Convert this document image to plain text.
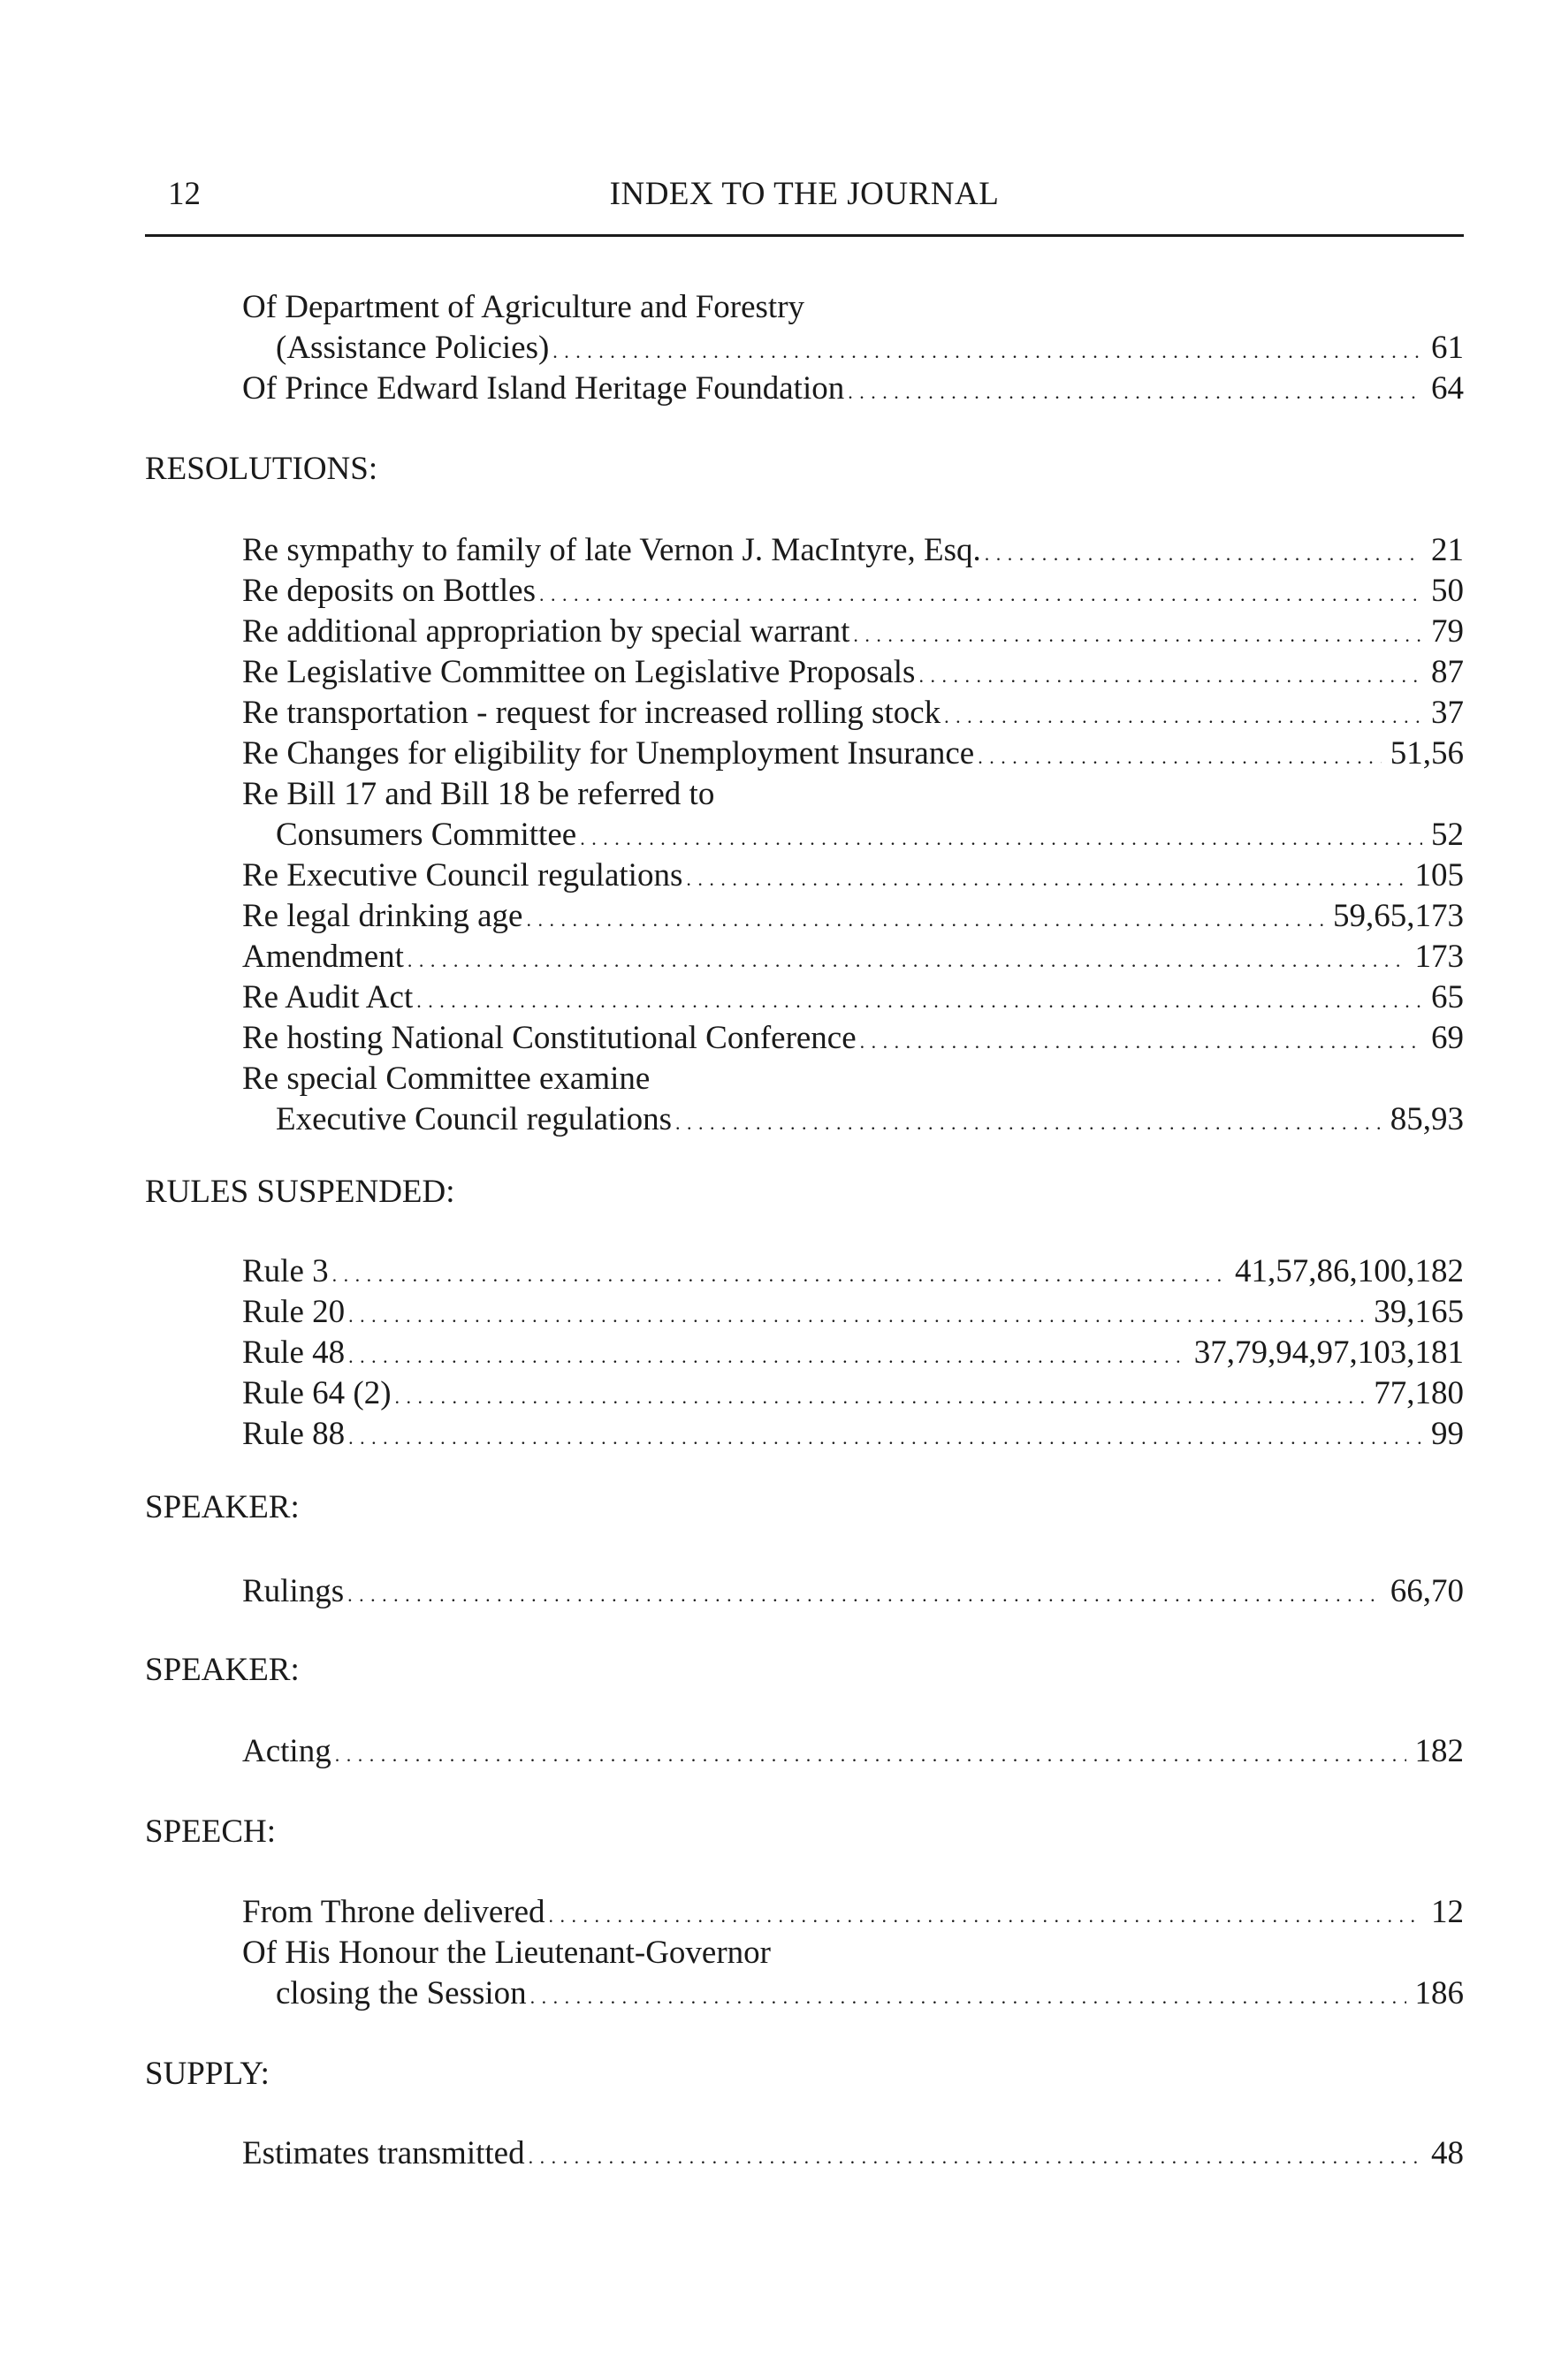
12	INDEX TO THE JOURNAL
Of Department of Agriculture and Forestry
(Assistance Policies) . . .	61
Of Prince Edward Island Heritage Foundation . . .	64
RESOLUTIONS:
Re sympathy to family of late Vernon J. MacIntyre, Esq. . . .	21
Re deposits on Bottles . . .	50
Re additional appropriation by special warrant . . .	79
Re Legislative Committee on Legislative Proposals . . .	87
Re transportation - request for increased rolling stock . . .	37
Re Changes for eligibility for Unemployment Insurance . . .	51,56
Re Bill 17 and Bill 18 be referred to
Consumers Committee . . .	52
Re Executive Council regulations . . .	105
Re legal drinking age . . .	59,65,173
Amendment . . .	173
Re Audit Act . . .	65
Re hosting National Constitutional Conference . . .	69
Re special Committee examine
Executive Council regulations . . .	85,93
RULES SUSPENDED:
Rule 3 . . .	41,57,86,100,182
Rule 20 . . .	39,165
Rule 48 . . .	37,79,94,97,103,181
Rule 64 (2) . . .	77,180
Rule 88 . . .	99
SPEAKER:
Rulings . . .	66,70
SPEAKER:
Acting . . .	182
SPEECH:
From Throne delivered . . .	12
Of His Honour the Lieutenant-Governor
closing the Session . . .	186
SUPPLY:
Estimates transmitted . . .	48
